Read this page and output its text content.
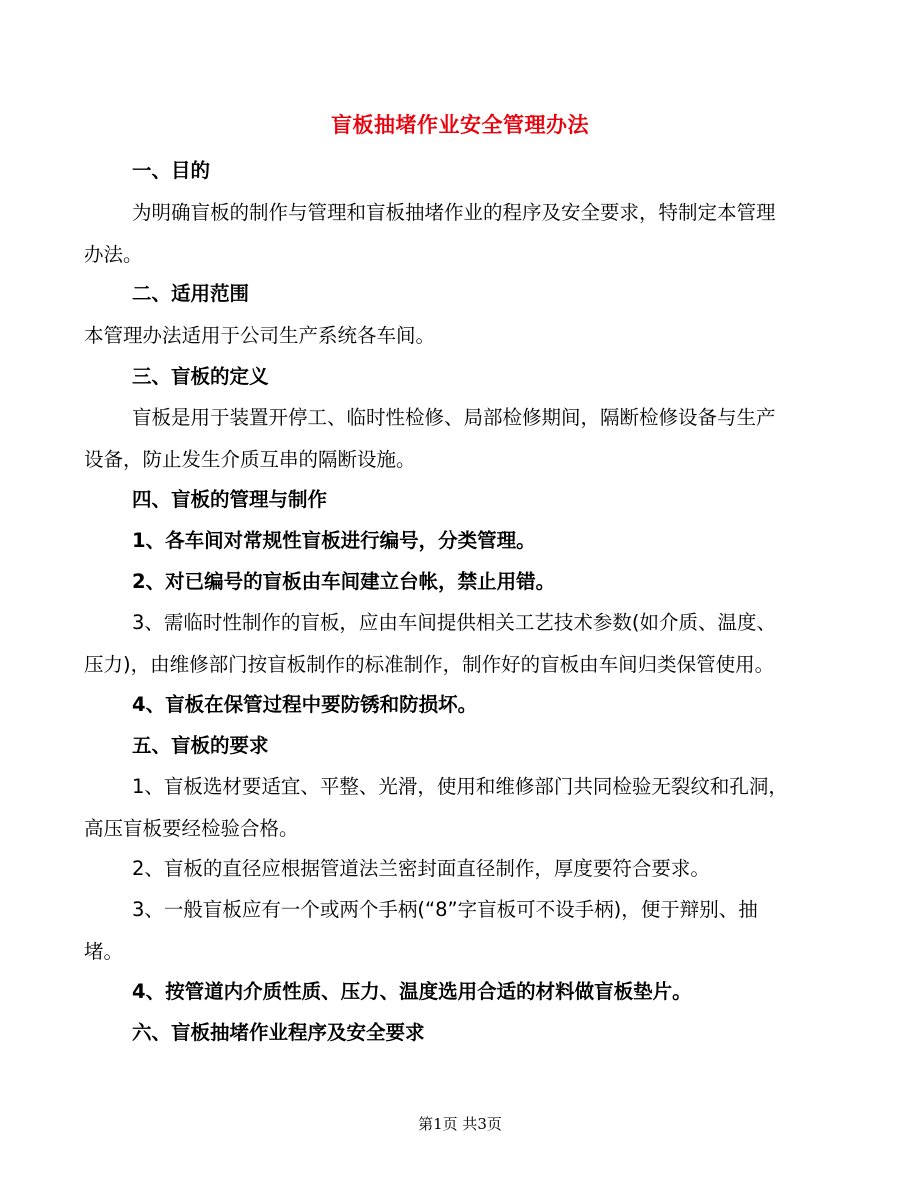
盲板抽堵作业安全管理办法

一、目的

为明确盲板的制作与管理和盲板抽堵作业的程序及安全要求，特制定本管理

办法。

二、适用范围

本管理办法适用于公司生产系统各车间。

三、盲板的定义

盲板是用于装置开停工、临时性检修、局部检修期间，隔断检修设备与生产

设备，防止发生介质互串的隔断设施。

四、盲板的管理与制作

1、各车间对常规性盲板进行编号，分类管理。

2、对已编号的盲板由车间建立台帐，禁止用错。

3、需临时性制作的盲板，应由车间提供相关工艺技术参数(如介质、温度、

压力)，由维修部门按盲板制作的标准制作，制作好的盲板由车间归类保管使用。

4、盲板在保管过程中要防锈和防损坏。

五、盲板的要求

1、盲板选材要适宜、平整、光滑，使用和维修部门共同检验无裂纹和孔洞，

高压盲板要经检验合格。

2、盲板的直径应根据管道法兰密封面直径制作，厚度要符合要求。

3、一般盲板应有一个或两个手柄(“8”字盲板可不设手柄)，便于辩别、抽

堵。

4、按管道内介质性质、压力、温度选用合适的材料做盲板垫片。

六、盲板抽堵作业程序及安全要求

第1页 共3页
